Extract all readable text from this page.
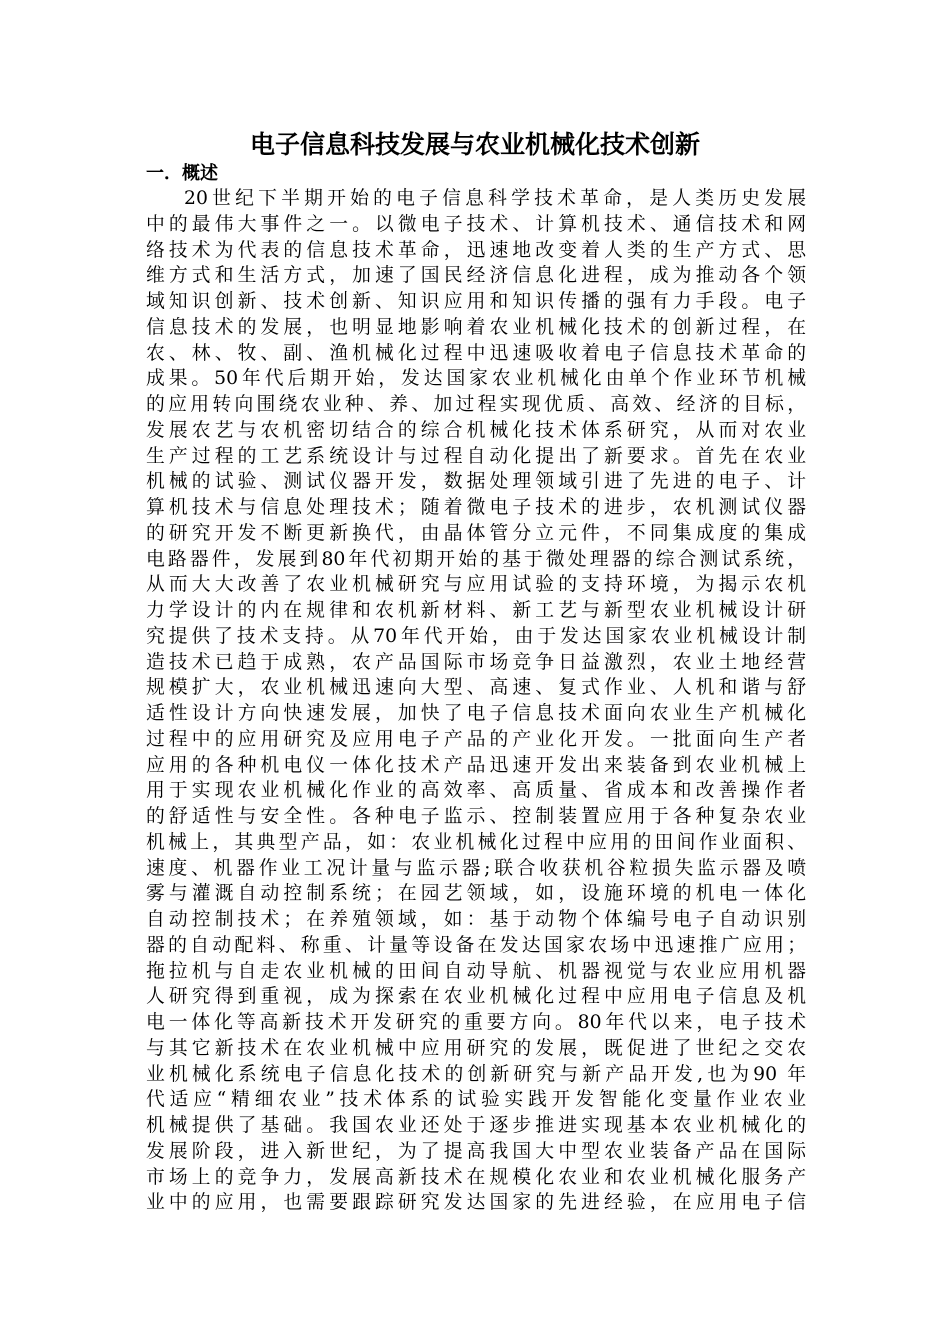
电子信息科技发展与农业机械化技术创新
一．概述
20世纪下半期开始的电子信息科学技术革命，是人类历史发展
中的最伟大事件之一。以微电子技术、计算机技术、通信技术和网
络技术为代表的信息技术革命，迅速地改变着人类的生产方式、思
维方式和生活方式，加速了国民经济信息化进程，成为推动各个领
域知识创新、技术创新、知识应用和知识传播的强有力手段。电子
信息技术的发展，也明显地影响着农业机械化技术的创新过程，在
农、林、牧、副、渔机械化过程中迅速吸收着电子信息技术革命的
成果。50年代后期开始，发达国家农业机械化由单个作业环节机械
的应用转向围绕农业种、养、加过程实现优质、高效、经济的目标，
发展农艺与农机密切结合的综合机械化技术体系研究，从而对农业
生产过程的工艺系统设计与过程自动化提出了新要求。首先在农业
机械的试验、测试仪器开发，数据处理领域引进了先进的电子、计
算机技术与信息处理技术；随着微电子技术的进步，农机测试仪器
的研究开发不断更新换代，由晶体管分立元件，不同集成度的集成
电路器件，发展到80年代初期开始的基于微处理器的综合测试系统，
从而大大改善了农业机械研究与应用试验的支持环境，为揭示农机
力学设计的内在规律和农机新材料、新工艺与新型农业机械设计研
究提供了技术支持。从70年代开始，由于发达国家农业机械设计制
造技术已趋于成熟，农产品国际市场竞争日益激烈，农业土地经营
规模扩大，农业机械迅速向大型、高速、复式作业、人机和谐与舒
适性设计方向快速发展，加快了电子信息技术面向农业生产机械化
过程中的应用研究及应用电子产品的产业化开发。一批面向生产者
应用的各种机电仪一体化技术产品迅速开发出来装备到农业机械上
用于实现农业机械化作业的高效率、高质量、省成本和改善操作者
的舒适性与安全性。各种电子监示、控制装置应用于各种复杂农业
机械上，其典型产品，如：农业机械化过程中应用的田间作业面积、
速度、机器作业工况计量与监示器;联合收获机谷粒损失监示器及喷
雾与灌溉自动控制系统；在园艺领域，如，设施环境的机电一体化
自动控制技术；在养殖领域，如：基于动物个体编号电子自动识别
器的自动配料、称重、计量等设备在发达国家农场中迅速推广应用；
拖拉机与自走农业机械的田间自动导航、机器视觉与农业应用机器
人研究得到重视，成为探索在农业机械化过程中应用电子信息及机
电一体化等高新技术开发研究的重要方向。80年代以来，电子技术
与其它新技术在农业机械中应用研究的发展，既促进了世纪之交农
业机械化系统电子信息化技术的创新研究与新产品开发,也为90 年
代适应“精细农业”技术体系的试验实践开发智能化变量作业农业
机械提供了基础。我国农业还处于逐步推进实现基本农业机械化的
发展阶段，进入新世纪，为了提高我国大中型农业装备产品在国际
市场上的竞争力，发展高新技术在规模化农业和农业机械化服务产
业中的应用，也需要跟踪研究发达国家的先进经验，在应用电子信
